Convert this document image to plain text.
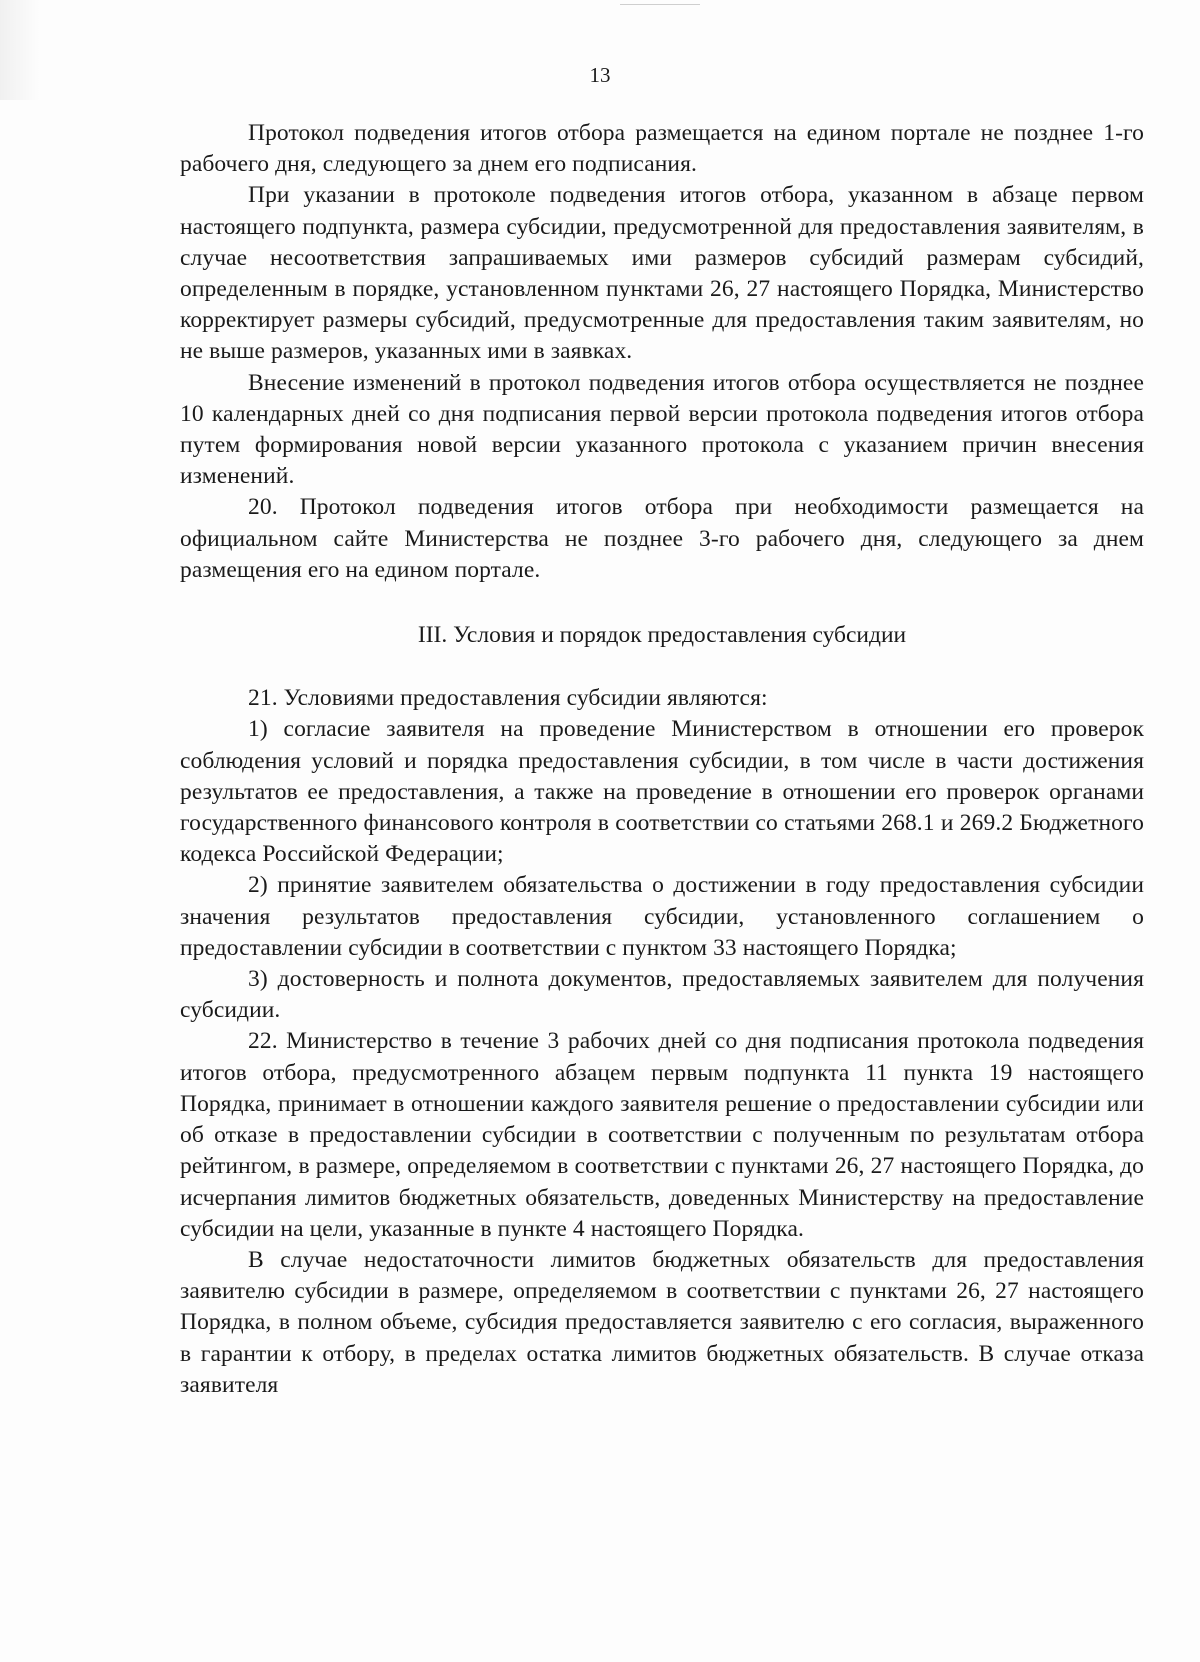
13

Протокол подведения итогов отбора размещается на едином портале не позднее 1-го рабочего дня, следующего за днем его подписания.

При указании в протоколе подведения итогов отбора, указанном в абзаце первом настоящего подпункта, размера субсидии, предусмотренной для предоставления заявителям, в случае несоответствия запрашиваемых ими размеров субсидий размерам субсидий, определенным в порядке, установленном пунктами 26, 27 настоящего Порядка, Министерство корректирует размеры субсидий, предусмотренные для предоставления таким заявителям, но не выше размеров, указанных ими в заявках.

Внесение изменений в протокол подведения итогов отбора осуществляется не позднее 10 календарных дней со дня подписания первой версии протокола подведения итогов отбора путем формирования новой версии указанного протокола с указанием причин внесения изменений.

20. Протокол подведения итогов отбора при необходимости размещается на официальном сайте Министерства не позднее 3-го рабочего дня, следующего за днем размещения его на едином портале.

III. Условия и порядок предоставления субсидии

21. Условиями предоставления субсидии являются:

1) согласие заявителя на проведение Министерством в отношении его проверок соблюдения условий и порядка предоставления субсидии, в том числе в части достижения результатов ее предоставления, а также на проведение в отношении его проверок органами государственного финансового контроля в соответствии со статьями 268.1 и 269.2 Бюджетного кодекса Российской Федерации;

2) принятие заявителем обязательства о достижении в году предоставления субсидии значения результатов предоставления субсидии, установленного соглашением о предоставлении субсидии в соответствии с пунктом 33 настоящего Порядка;

3) достоверность и полнота документов, предоставляемых заявителем для получения субсидии.

22. Министерство в течение 3 рабочих дней со дня подписания протокола подведения итогов отбора, предусмотренного абзацем первым подпункта 11 пункта 19 настоящего Порядка, принимает в отношении каждого заявителя решение о предоставлении субсидии или об отказе в предоставлении субсидии в соответствии с полученным по результатам отбора рейтингом, в размере, определяемом в соответствии с пунктами 26, 27 настоящего Порядка, до исчерпания лимитов бюджетных обязательств, доведенных Министерству на предоставление субсидии на цели, указанные в пункте 4 настоящего Порядка.

В случае недостаточности лимитов бюджетных обязательств для предоставления заявителю субсидии в размере, определяемом в соответствии с пунктами 26, 27 настоящего Порядка, в полном объеме, субсидия предоставляется заявителю с его согласия, выраженного в гарантии к отбору, в пределах остатка лимитов бюджетных обязательств. В случае отказа заявителя
